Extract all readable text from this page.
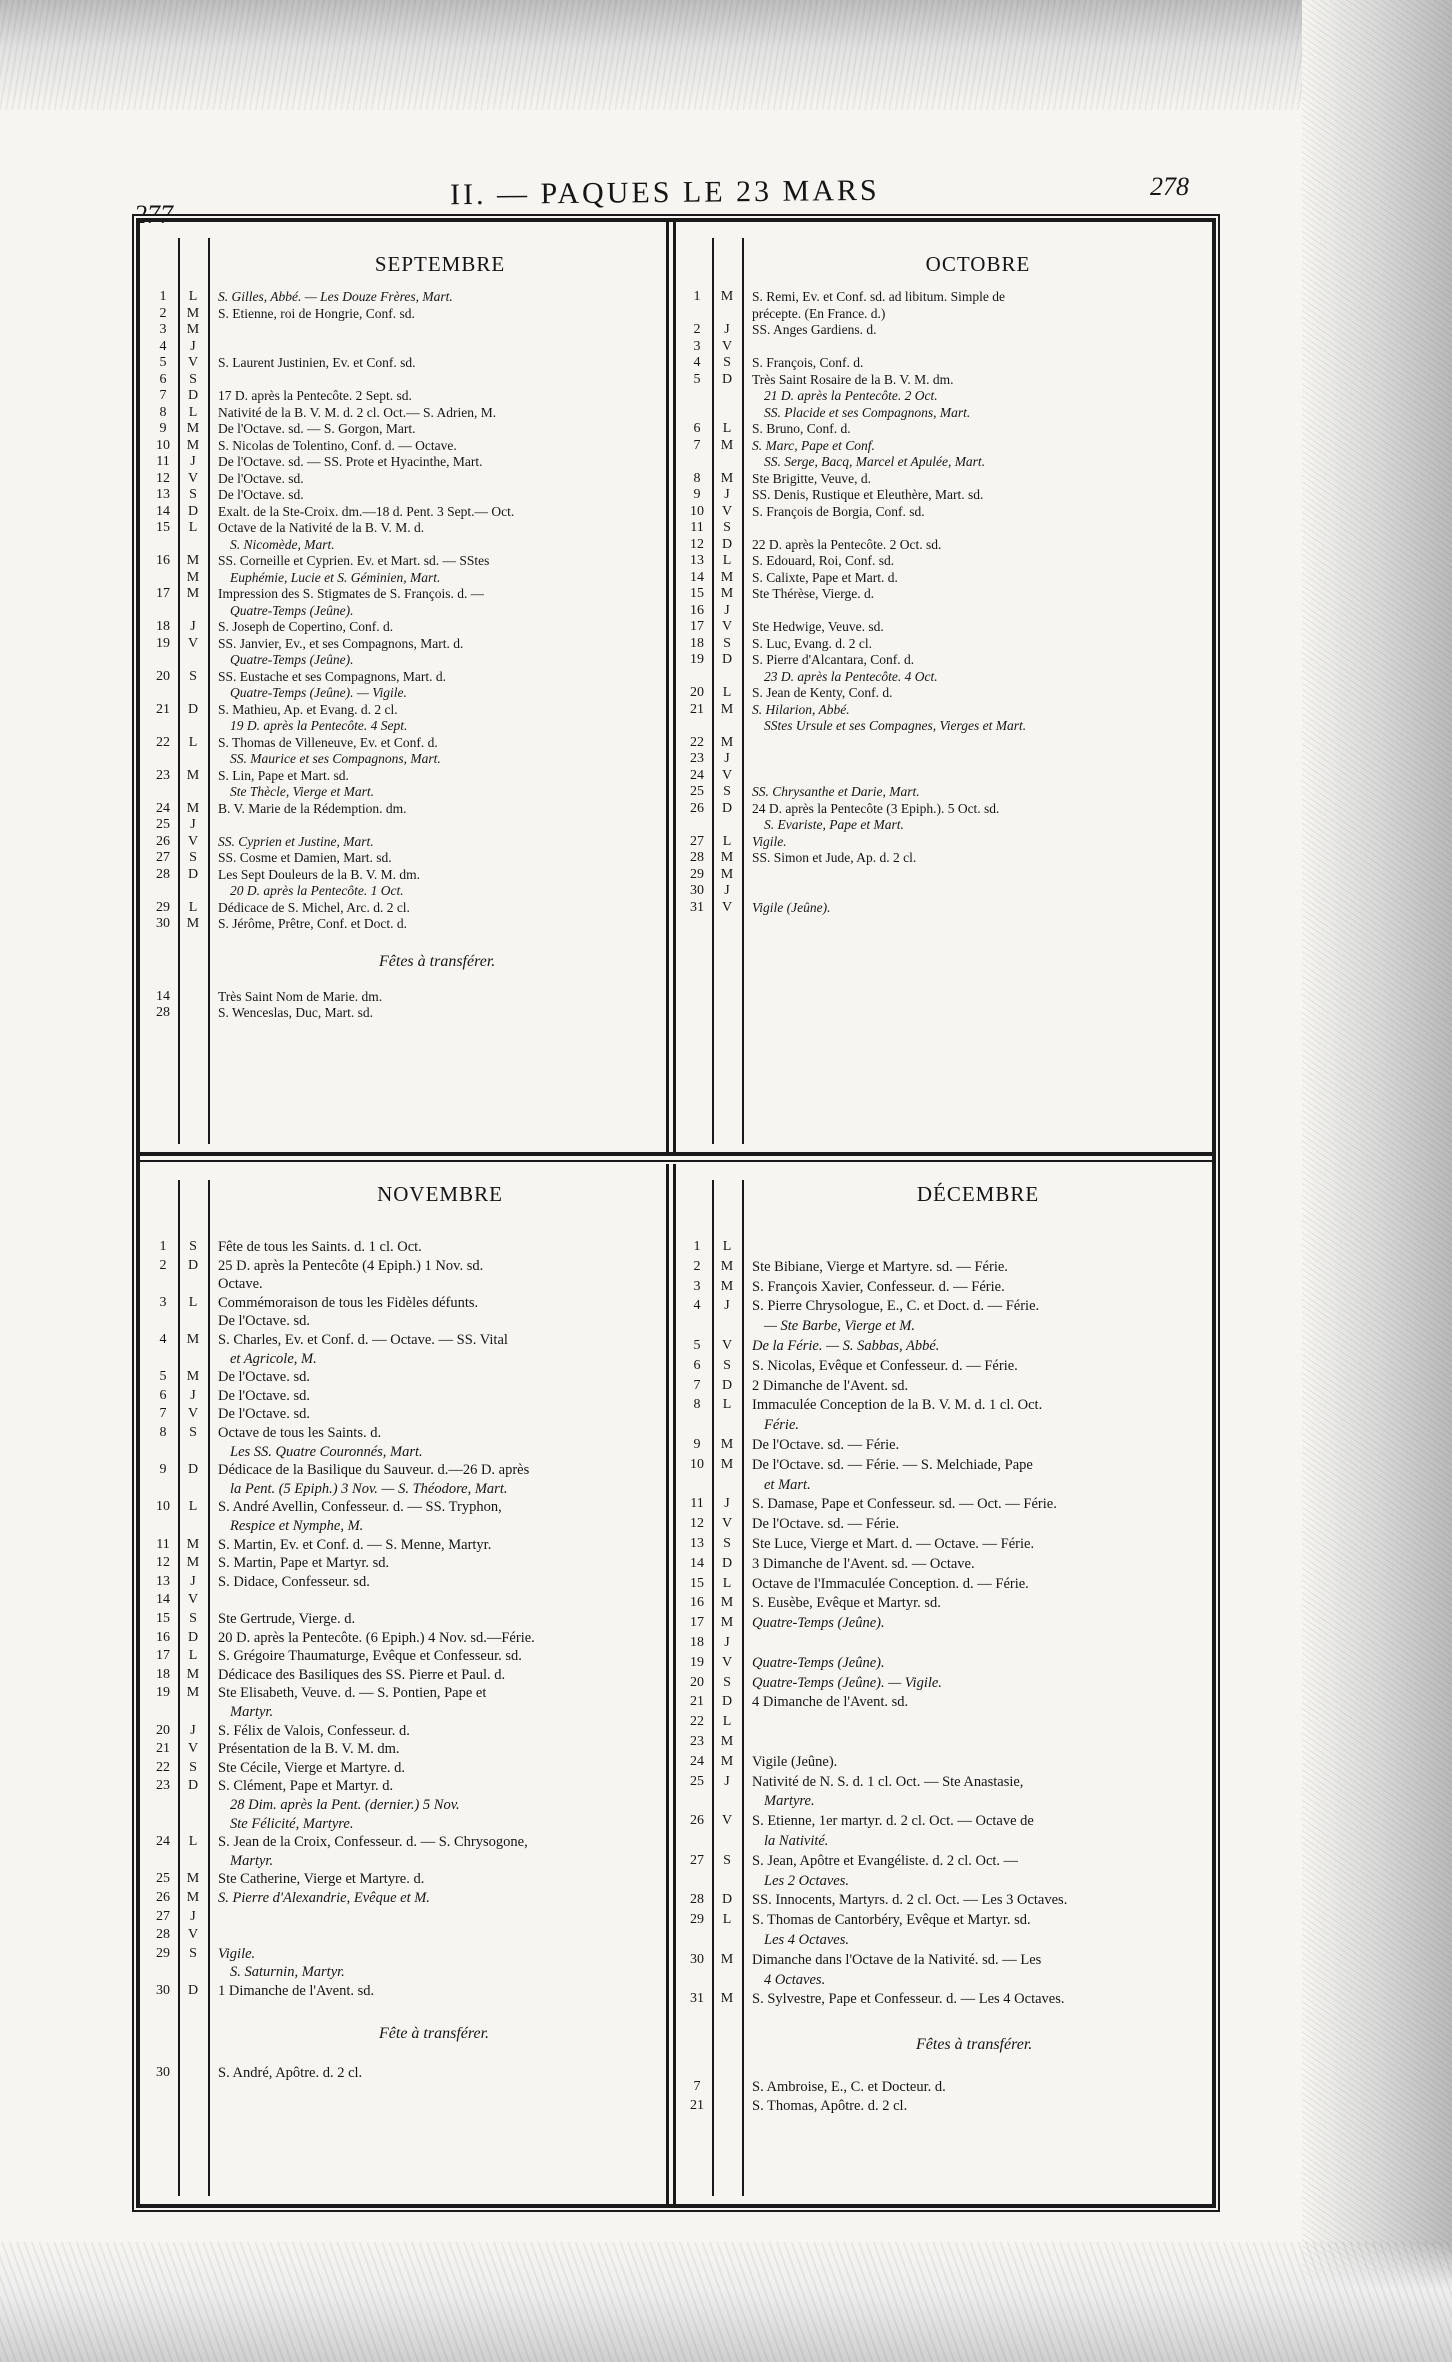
277
278
II. — PAQUES LE 23 MARS
SEPTEMBRE
1	L	S. Gilles, Abbé. — Les Douze Frères, Mart.
2	M	S. Etienne, roi de Hongrie, Conf. sd.
3	M
4	J
5	V	S. Laurent Justinien, Ev. et Conf. sd.
6	S
7	D	17 D. après la Pentecôte. 2 Sept. sd.
8	L	Nativité de la B. V. M. d. 2 cl. Oct.— S. Adrien, M.
9	M	De l'Octave. sd. — S. Gorgon, Mart.
10	M	S. Nicolas de Tolentino, Conf. d. — Octave.
11	J	De l'Octave. sd. — SS. Prote et Hyacinthe, Mart.
12	V	De l'Octave. sd.
13	S	De l'Octave. sd.
14	D	Exalt. de la Ste-Croix. dm.—18 d. Pent. 3 Sept.— Oct.
15	L	Octave de la Nativité de la B. V. M. d.
S. Nicomède, Mart.
16	M	SS. Corneille et Cyprien. Ev. et Mart. sd. — SStes
M	Euphémie, Lucie et S. Géminien, Mart.
17	M	Impression des S. Stigmates de S. François. d. —
Quatre-Temps (Jeûne).
18	J	S. Joseph de Copertino, Conf. d.
19	V	SS. Janvier, Ev., et ses Compagnons, Mart. d.
Quatre-Temps (Jeûne).
20	S	SS. Eustache et ses Compagnons, Mart. d.
Quatre-Temps (Jeûne). — Vigile.
21	D	S. Mathieu, Ap. et Evang. d. 2 cl.
19 D. après la Pentecôte. 4 Sept.
22	L	S. Thomas de Villeneuve, Ev. et Conf. d.
SS. Maurice et ses Compagnons, Mart.
23	M	S. Lin, Pape et Mart. sd.
Ste Thècle, Vierge et Mart.
24	M	B. V. Marie de la Rédemption. dm.
25	J
26	V	SS. Cyprien et Justine, Mart.
27	S	SS. Cosme et Damien, Mart. sd.
28	D	Les Sept Douleurs de la B. V. M. dm.
20 D. après la Pentecôte. 1 Oct.
29	L	Dédicace de S. Michel, Arc. d. 2 cl.
30	M	S. Jérôme, Prêtre, Conf. et Doct. d.
Fêtes à transférer.
14	Très Saint Nom de Marie. dm.
28	S. Wenceslas, Duc, Mart. sd.
OCTOBRE
1	M	S. Remi, Ev. et Conf. sd. ad libitum. Simple de
précepte. (En France. d.)
2	J	SS. Anges Gardiens. d.
3	V
4	S	S. François, Conf. d.
5	D	Très Saint Rosaire de la B. V. M. dm.
21 D. après la Pentecôte. 2 Oct.
SS. Placide et ses Compagnons, Mart.
6	L	S. Bruno, Conf. d.
7	M	S. Marc, Pape et Conf.
SS. Serge, Bacq, Marcel et Apulée, Mart.
8	M	Ste Brigitte, Veuve, d.
9	J	SS. Denis, Rustique et Eleuthère, Mart. sd.
10	V	S. François de Borgia, Conf. sd.
11	S
12	D	22 D. après la Pentecôte. 2 Oct. sd.
13	L	S. Edouard, Roi, Conf. sd.
14	M	S. Calixte, Pape et Mart. d.
15	M	Ste Thérèse, Vierge. d.
16	J
17	V	Ste Hedwige, Veuve. sd.
18	S	S. Luc, Evang. d. 2 cl.
19	D	S. Pierre d'Alcantara, Conf. d.
23 D. après la Pentecôte. 4 Oct.
20	L	S. Jean de Kenty, Conf. d.
21	M	S. Hilarion, Abbé.
SStes Ursule et ses Compagnes, Vierges et Mart.
22	M
23	J
24	V
25	S	SS. Chrysanthe et Darie, Mart.
26	D	24 D. après la Pentecôte (3 Epiph.). 5 Oct. sd.
S. Evariste, Pape et Mart.
27	L	Vigile.
28	M	SS. Simon et Jude, Ap. d. 2 cl.
29	M
30	J
31	V	Vigile (Jeûne).
NOVEMBRE
1	S	Fête de tous les Saints. d. 1 cl. Oct.
2	D	25 D. après la Pentecôte (4 Epiph.) 1 Nov. sd.
Octave.
3	L	Commémoraison de tous les Fidèles défunts.
De l'Octave. sd.
4	M	S. Charles, Ev. et Conf. d. — Octave. — SS. Vital
et Agricole, M.
5	M	De l'Octave. sd.
6	J	De l'Octave. sd.
7	V	De l'Octave. sd.
8	S	Octave de tous les Saints. d.
Les SS. Quatre Couronnés, Mart.
9	D	Dédicace de la Basilique du Sauveur. d.—26 D. après
la Pent. (5 Epiph.) 3 Nov. — S. Théodore, Mart.
10	L	S. André Avellin, Confesseur. d. — SS. Tryphon,
Respice et Nymphe, M.
11	M	S. Martin, Ev. et Conf. d. — S. Menne, Martyr.
12	M	S. Martin, Pape et Martyr. sd.
13	J	S. Didace, Confesseur. sd.
14	V
15	S	Ste Gertrude, Vierge. d.
16	D	20 D. après la Pentecôte. (6 Epiph.) 4 Nov. sd.—Férie.
17	L	S. Grégoire Thaumaturge, Evêque et Confesseur. sd.
18	M	Dédicace des Basiliques des SS. Pierre et Paul. d.
19	M	Ste Elisabeth, Veuve. d. — S. Pontien, Pape et
Martyr.
20	J	S. Félix de Valois, Confesseur. d.
21	V	Présentation de la B. V. M. dm.
22	S	Ste Cécile, Vierge et Martyre. d.
23	D	S. Clément, Pape et Martyr. d.
28 Dim. après la Pent. (dernier.) 5 Nov.
Ste Félicité, Martyre.
24	L	S. Jean de la Croix, Confesseur. d. — S. Chrysogone,
Martyr.
25	M	Ste Catherine, Vierge et Martyre. d.
26	M	S. Pierre d'Alexandrie, Evêque et M.
27	J
28	V
29	S	Vigile.
S. Saturnin, Martyr.
30	D	1 Dimanche de l'Avent. sd.
Fête à transférer.
30	S. André, Apôtre. d. 2 cl.
DÉCEMBRE
1	L
2	M	Ste Bibiane, Vierge et Martyre. sd. — Férie.
3	M	S. François Xavier, Confesseur. d. — Férie.
4	J	S. Pierre Chrysologue, E., C. et Doct. d. — Férie.
— Ste Barbe, Vierge et M.
5	V	De la Férie. — S. Sabbas, Abbé.
6	S	S. Nicolas, Evêque et Confesseur. d. — Férie.
7	D	2 Dimanche de l'Avent. sd.
8	L	Immaculée Conception de la B. V. M. d. 1 cl. Oct.
Férie.
9	M	De l'Octave. sd. — Férie.
10	M	De l'Octave. sd. — Férie. — S. Melchiade, Pape
et Mart.
11	J	S. Damase, Pape et Confesseur. sd. — Oct. — Férie.
12	V	De l'Octave. sd. — Férie.
13	S	Ste Luce, Vierge et Mart. d. — Octave. — Férie.
14	D	3 Dimanche de l'Avent. sd. — Octave.
15	L	Octave de l'Immaculée Conception. d. — Férie.
16	M	S. Eusèbe, Evêque et Martyr. sd.
17	M	Quatre-Temps (Jeûne).
18	J
19	V	Quatre-Temps (Jeûne).
20	S	Quatre-Temps (Jeûne). — Vigile.
21	D	4 Dimanche de l'Avent. sd.
22	L
23	M
24	M	Vigile (Jeûne).
25	J	Nativité de N. S. d. 1 cl. Oct. — Ste Anastasie,
Martyre.
26	V	S. Etienne, 1er martyr. d. 2 cl. Oct. — Octave de
la Nativité.
27	S	S. Jean, Apôtre et Evangéliste. d. 2 cl. Oct. —
Les 2 Octaves.
28	D	SS. Innocents, Martyrs. d. 2 cl. Oct. — Les 3 Octaves.
29	L	S. Thomas de Cantorbéry, Evêque et Martyr. sd.
Les 4 Octaves.
30	M	Dimanche dans l'Octave de la Nativité. sd. — Les
4 Octaves.
31	M	S. Sylvestre, Pape et Confesseur. d. — Les 4 Octaves.
Fêtes à transférer.
7	S. Ambroise, E., C. et Docteur. d.
21	S. Thomas, Apôtre. d. 2 cl.
